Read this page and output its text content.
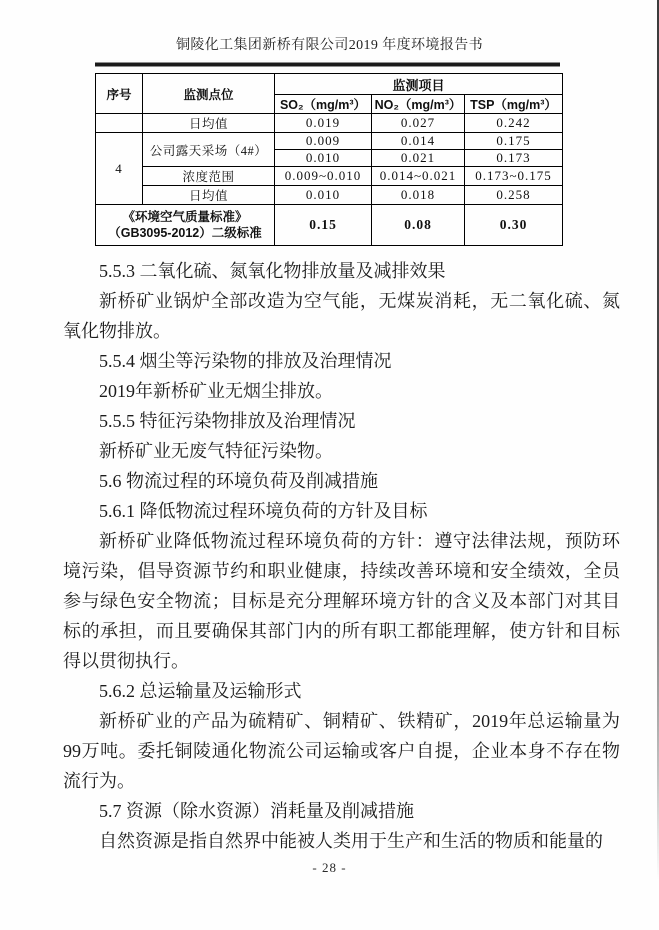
铜陵化工集团新桥有限公司2019 年度环境报告书
序号	监测点位	监测项目		
		SO₂（mg/m³）	NO₂（mg/m³）	TSP（mg/m³）
	日均值	0.019	0.027	0.242
4	公司露天采场（4#）	0.009	0.014	0.175
		0.010	0.021	0.173
	浓度范围	0.009~0.010	0.014~0.021	0.173~0.175
	日均值	0.010	0.018	0.258
《环境空气质量标准》（GB3095-2012）二级标准		0.15	0.08	0.30
5.5.3 二氧化硫、氮氧化物排放量及减排效果

新桥矿业锅炉全部改造为空气能，无煤炭消耗，无二氧化硫、氮氧化物排放。

5.5.4 烟尘等污染物的排放及治理情况

2019年新桥矿业无烟尘排放。

5.5.5 特征污染物排放及治理情况

新桥矿业无废气特征污染物。

5.6 物流过程的环境负荷及削减措施
5.6.1 降低物流过程环境负荷的方针及目标

新桥矿业降低物流过程环境负荷的方针：遵守法律法规，预防环境污染，倡导资源节约和职业健康，持续改善环境和安全绩效，全员参与绿色安全物流；目标是充分理解环境方针的含义及本部门对其目标的承担，而且要确保其部门内的所有职工都能理解，使方针和目标得以贯彻执行。

5.6.2 总运输量及运输形式

新桥矿业的产品为硫精矿、铜精矿、铁精矿，2019年总运输量为99万吨。委托铜陵通化物流公司运输或客户自提，企业本身不存在物流行为。

5.7 资源（除水资源）消耗量及削减措施

自然资源是指自然界中能被人类用于生产和生活的物质和能量的

- 28 -
